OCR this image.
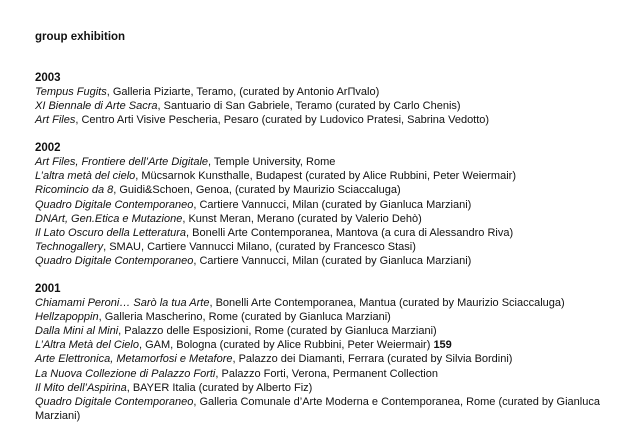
group exhibition
2003

Tempus Fugits, Galleria Piziarte, Teramo, (curated by Antonio ArΠvalo)

XI Biennale di Arte Sacra, Santuario di San Gabriele, Teramo (curated by Carlo Chenis)

Art Files, Centro Arti Visive Pescheria, Pesaro (curated by Ludovico Pratesi, Sabrina Vedotto)

2002

Art Files, Frontiere dell’Arte Digitale, Temple University, Rome

L’altra metà del cielo, Mücsarnok Kunsthalle, Budapest (curated by Alice Rubbini, Peter Weiermair)

Ricomincio da 8, Guidi&Schoen, Genoa, (curated by Maurizio Sciaccaluga)

Quadro Digitale Contemporaneo, Cartiere Vannucci, Milan (curated by Gianluca Marziani)

DNArt, Gen.Etica e Mutazione, Kunst Meran, Merano (curated by Valerio Dehò)

Il Lato Oscuro della Letteratura, Bonelli Arte Contemporanea, Mantova (a cura di Alessandro Riva)

Technogallery, SMAU, Cartiere Vannucci Milano, (curated by Francesco Stasi)

Quadro Digitale Contemporaneo, Cartiere Vannucci, Milan (curated by Gianluca Marziani)

2001

Chiamami Peroni… Sarò la tua Arte, Bonelli Arte Contemporanea, Mantua (curated by Maurizio Sciaccaluga)

Hellzapoppin, Galleria Mascherino, Rome (curated by Gianluca Marziani)

Dalla Mini al Mini, Palazzo delle Esposizioni, Rome (curated by Gianluca Marziani)

L’Altra Metà del Cielo, GAM, Bologna (curated by Alice Rubbini, Peter Weiermair) 159

Arte Elettronica, Metamorfosi e Metafore, Palazzo dei Diamanti, Ferrara (curated by Silvia Bordini)

La Nuova Collezione di Palazzo Forti, Palazzo Forti, Verona, Permanent Collection

Il Mito dell’Aspirina, BAYER Italia (curated by Alberto Fiz)

Quadro Digitale Contemporaneo, Galleria Comunale d’Arte Moderna e Contemporanea, Rome (curated by Gianluca Marziani)
